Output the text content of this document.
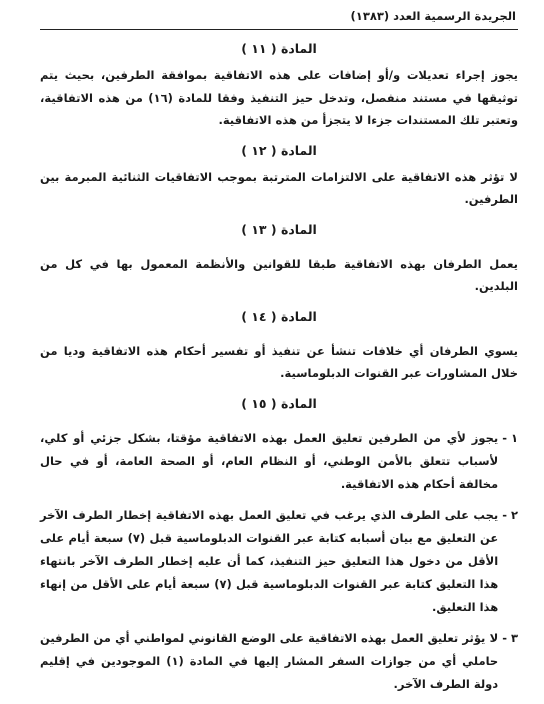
الجريدة الرسمية العدد (١٣٨٣)
المادة ( ١١ )

يجوز إجراء تعديلات و/أو إضافات على هذه الاتفاقية بموافقة الطرفين، بحيث يتم توثيقها في مستند منفصل، وتدخل حيز التنفيذ وفقا للمادة (١٦) من هذه الاتفاقية، وتعتبر تلك المستندات جزءا لا يتجزأ من هذه الاتفاقية.

المادة ( ١٢ )

لا تؤثر هذه الاتفاقية على الالتزامات المترتبة بموجب الاتفاقيات الثنائية المبرمة بين الطرفين.

المادة ( ١٣ )

يعمل الطرفان بهذه الاتفاقية طبقا للقوانين والأنظمة المعمول بها في كل من البلدين.

المادة ( ١٤ )

يسوي الطرفان أي خلافات تنشأ عن تنفيذ أو تفسير أحكام هذه الاتفاقية وديا من خلال المشاورات عبر القنوات الدبلوماسية.

المادة ( ١٥ )
١ -
يجوز لأي من الطرفين تعليق العمل بهذه الاتفاقية مؤقتا، بشكل جزئي أو كلي، لأسباب تتعلق بالأمن الوطني، أو النظام العام، أو الصحة العامة، أو في حال مخالفة أحكام هذه الاتفاقية.
٢ -
يجب على الطرف الذي يرغب في تعليق العمل بهذه الاتفاقية إخطار الطرف الآخر عن التعليق مع بيان أسبابه كتابة عبر القنوات الدبلوماسية قبل (٧) سبعة أيام على الأقل من دخول هذا التعليق حيز التنفيذ، كما أن عليه إخطار الطرف الآخر بانتهاء هذا التعليق كتابة عبر القنوات الدبلوماسية قبل (٧) سبعة أيام على الأقل من إنهاء هذا التعليق.
٣ -
لا يؤثر تعليق العمل بهذه الاتفاقية على الوضع القانوني لمواطني أي من الطرفين حاملي أي من جوازات السفر المشار إليها في المادة (١) الموجودين في إقليم دولة الطرف الآخر.
